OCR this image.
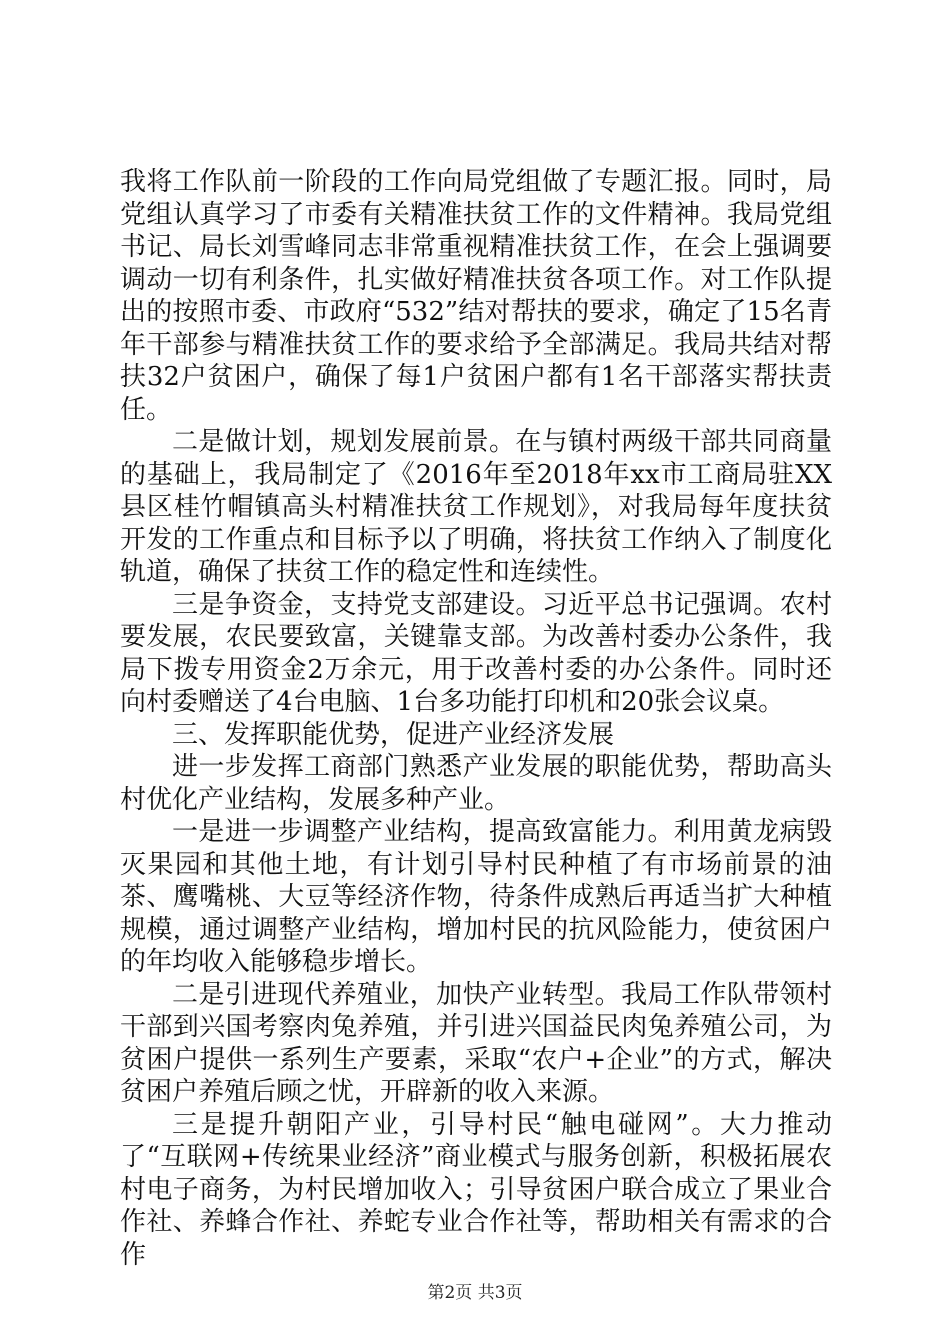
我将工作队前一阶段的工作向局党组做了专题汇报。同时，局党组认真学习了市委有关精准扶贫工作的文件精神。我局党组书记、局长刘雪峰同志非常重视精准扶贫工作，在会上强调要调动一切有利条件，扎实做好精准扶贫各项工作。对工作队提出的按照市委、市政府“532”结对帮扶的要求，确定了15名青年干部参与精准扶贫工作的要求给予全部满足。我局共结对帮扶32户贫困户，确保了每1户贫困户都有1名干部落实帮扶责任。

二是做计划，规划发展前景。在与镇村两级干部共同商量的基础上，我局制定了《2016年至2018年xx市工商局驻XX县区桂竹帽镇高头村精准扶贫工作规划》，对我局每年度扶贫开发的工作重点和目标予以了明确，将扶贫工作纳入了制度化轨道，确保了扶贫工作的稳定性和连续性。

三是争资金，支持党支部建设。习近平总书记强调。农村要发展，农民要致富，关键靠支部。为改善村委办公条件，我局下拨专用资金2万余元，用于改善村委的办公条件。同时还向村委赠送了4台电脑、1台多功能打印机和20张会议桌。

三、发挥职能优势，促进产业经济发展

进一步发挥工商部门熟悉产业发展的职能优势，帮助高头村优化产业结构，发展多种产业。

一是进一步调整产业结构，提高致富能力。利用黄龙病毁灭果园和其他土地，有计划引导村民种植了有市场前景的油茶、鹰嘴桃、大豆等经济作物，待条件成熟后再适当扩大种植规模，通过调整产业结构，增加村民的抗风险能力，使贫困户的年均收入能够稳步增长。

二是引进现代养殖业，加快产业转型。我局工作队带领村干部到兴国考察肉兔养殖，并引进兴国益民肉兔养殖公司，为贫困户提供一系列生产要素，采取“农户+企业”的方式，解决贫困户养殖后顾之忧，开辟新的收入来源。

三是提升朝阳产业，引导村民“触电碰网”。大力推动了“互联网+传统果业经济”商业模式与服务创新，积极拓展农村电子商务，为村民增加收入；引导贫困户联合成立了果业合作社、养蜂合作社、养蛇专业合作社等，帮助相关有需求的合作

第2页 共3页
